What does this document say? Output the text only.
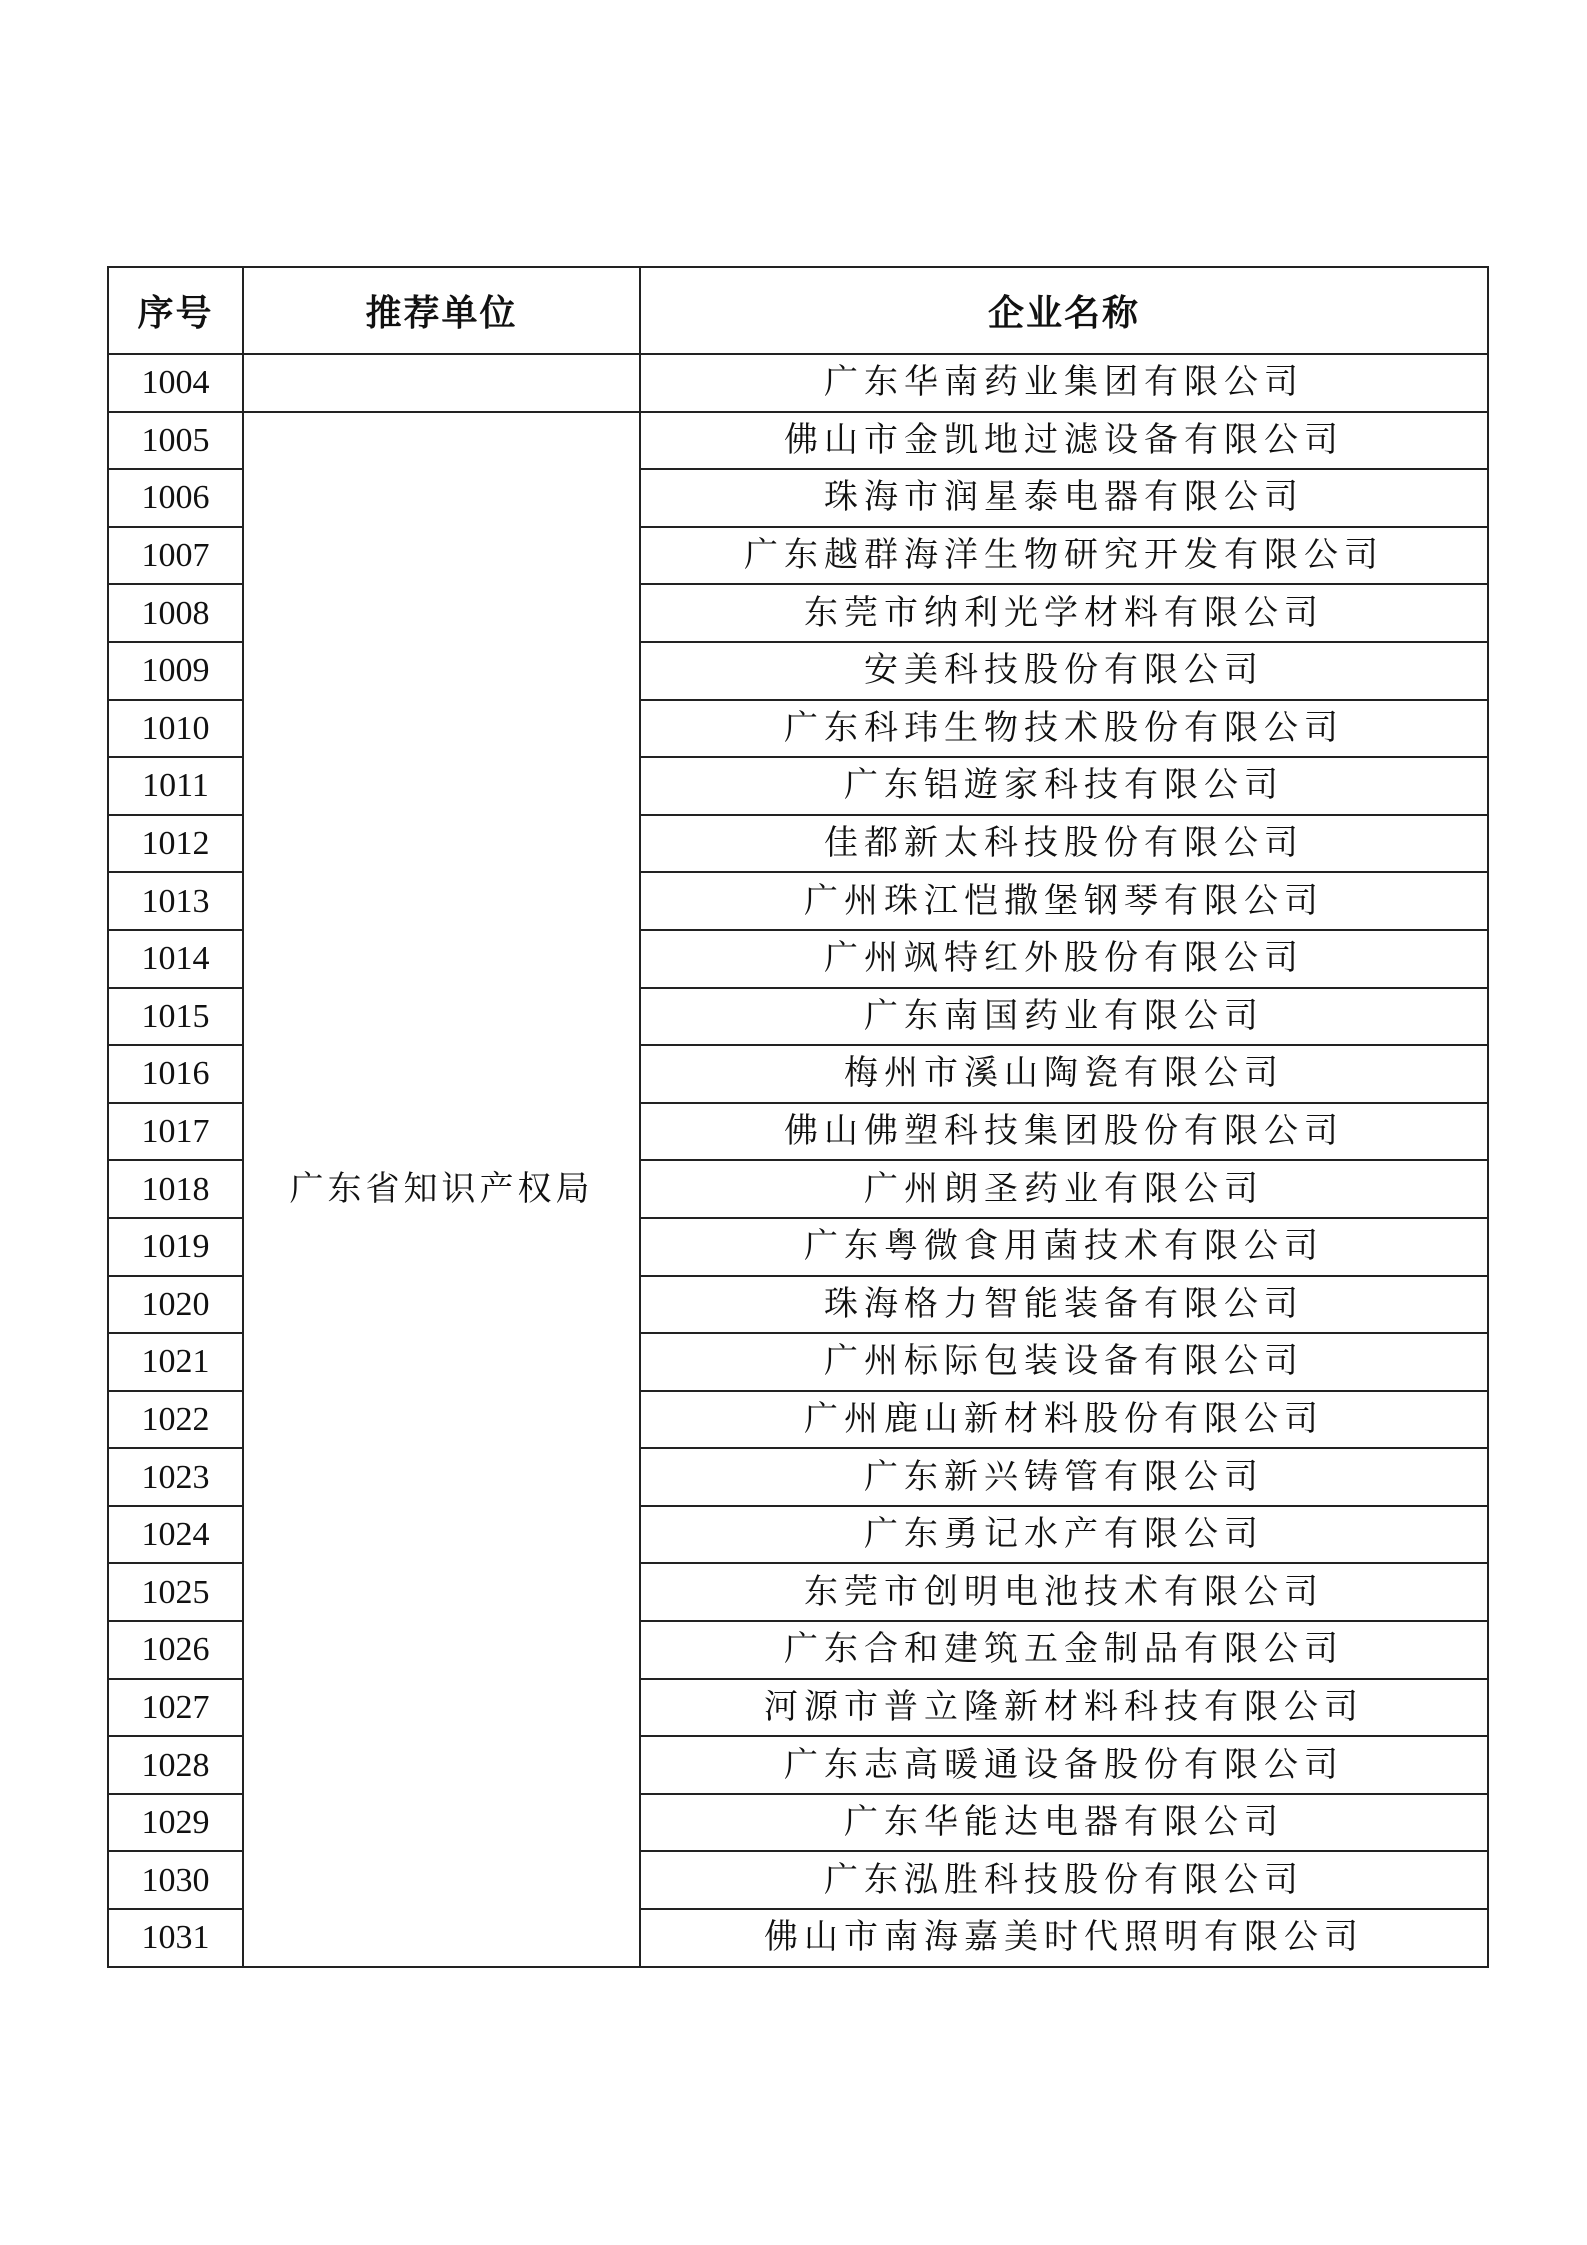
序号	推荐单位	企业名称
1004		广东华南药业集团有限公司
1005	广东省知识产权局	佛山市金凯地过滤设备有限公司
1006		珠海市润星泰电器有限公司
1007		广东越群海洋生物研究开发有限公司
1008		东莞市纳利光学材料有限公司
1009		安美科技股份有限公司
1010		广东科玮生物技术股份有限公司
1011		广东铝遊家科技有限公司
1012		佳都新太科技股份有限公司
1013		广州珠江恺撒堡钢琴有限公司
1014		广州飒特红外股份有限公司
1015		广东南国药业有限公司
1016		梅州市溪山陶瓷有限公司
1017		佛山佛塑科技集团股份有限公司
1018		广州朗圣药业有限公司
1019		广东粤微食用菌技术有限公司
1020		珠海格力智能装备有限公司
1021		广州标际包装设备有限公司
1022		广州鹿山新材料股份有限公司
1023		广东新兴铸管有限公司
1024		广东勇记水产有限公司
1025		东莞市创明电池技术有限公司
1026		广东合和建筑五金制品有限公司
1027		河源市普立隆新材料科技有限公司
1028		广东志高暖通设备股份有限公司
1029		广东华能达电器有限公司
1030		广东泓胜科技股份有限公司
1031		佛山市南海嘉美时代照明有限公司
